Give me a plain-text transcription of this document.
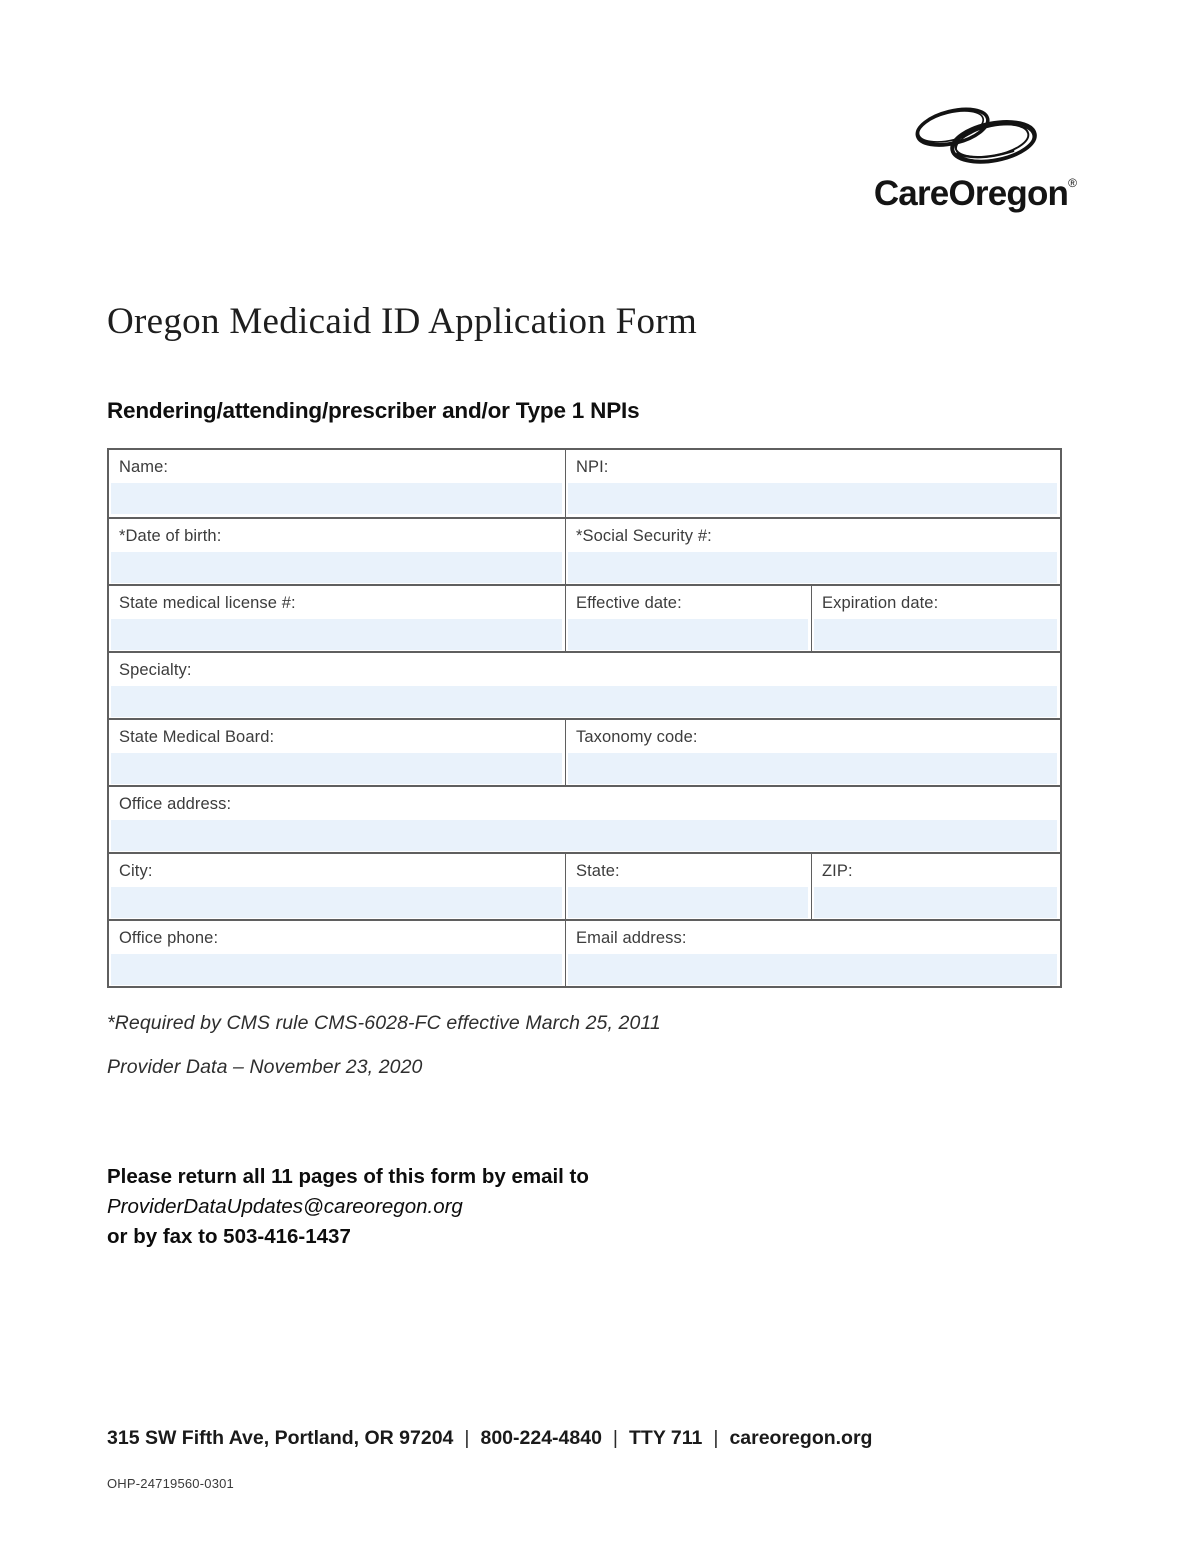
CareOregon®
Oregon Medicaid ID Application Form
Rendering/attending/prescriber and/or Type 1 NPIs
Name:	NPI:
*Date of birth:	*Social Security #:
State medical license #:	Effective date:	Expiration date:
Specialty:
State Medical Board:	Taxonomy code:
Office address:
City:	State:	ZIP:
Office phone:	Email address:
*Required by CMS rule CMS-6028-FC effective March 25, 2011
Provider Data – November 23, 2020
Please return all 11 pages of this form by email to
ProviderDataUpdates@careoregon.org
or by fax to 503-416-1437
315 SW Fifth Ave, Portland, OR 97204 | 800-224-4840 | TTY 711 | careoregon.org
OHP-24719560-0301
